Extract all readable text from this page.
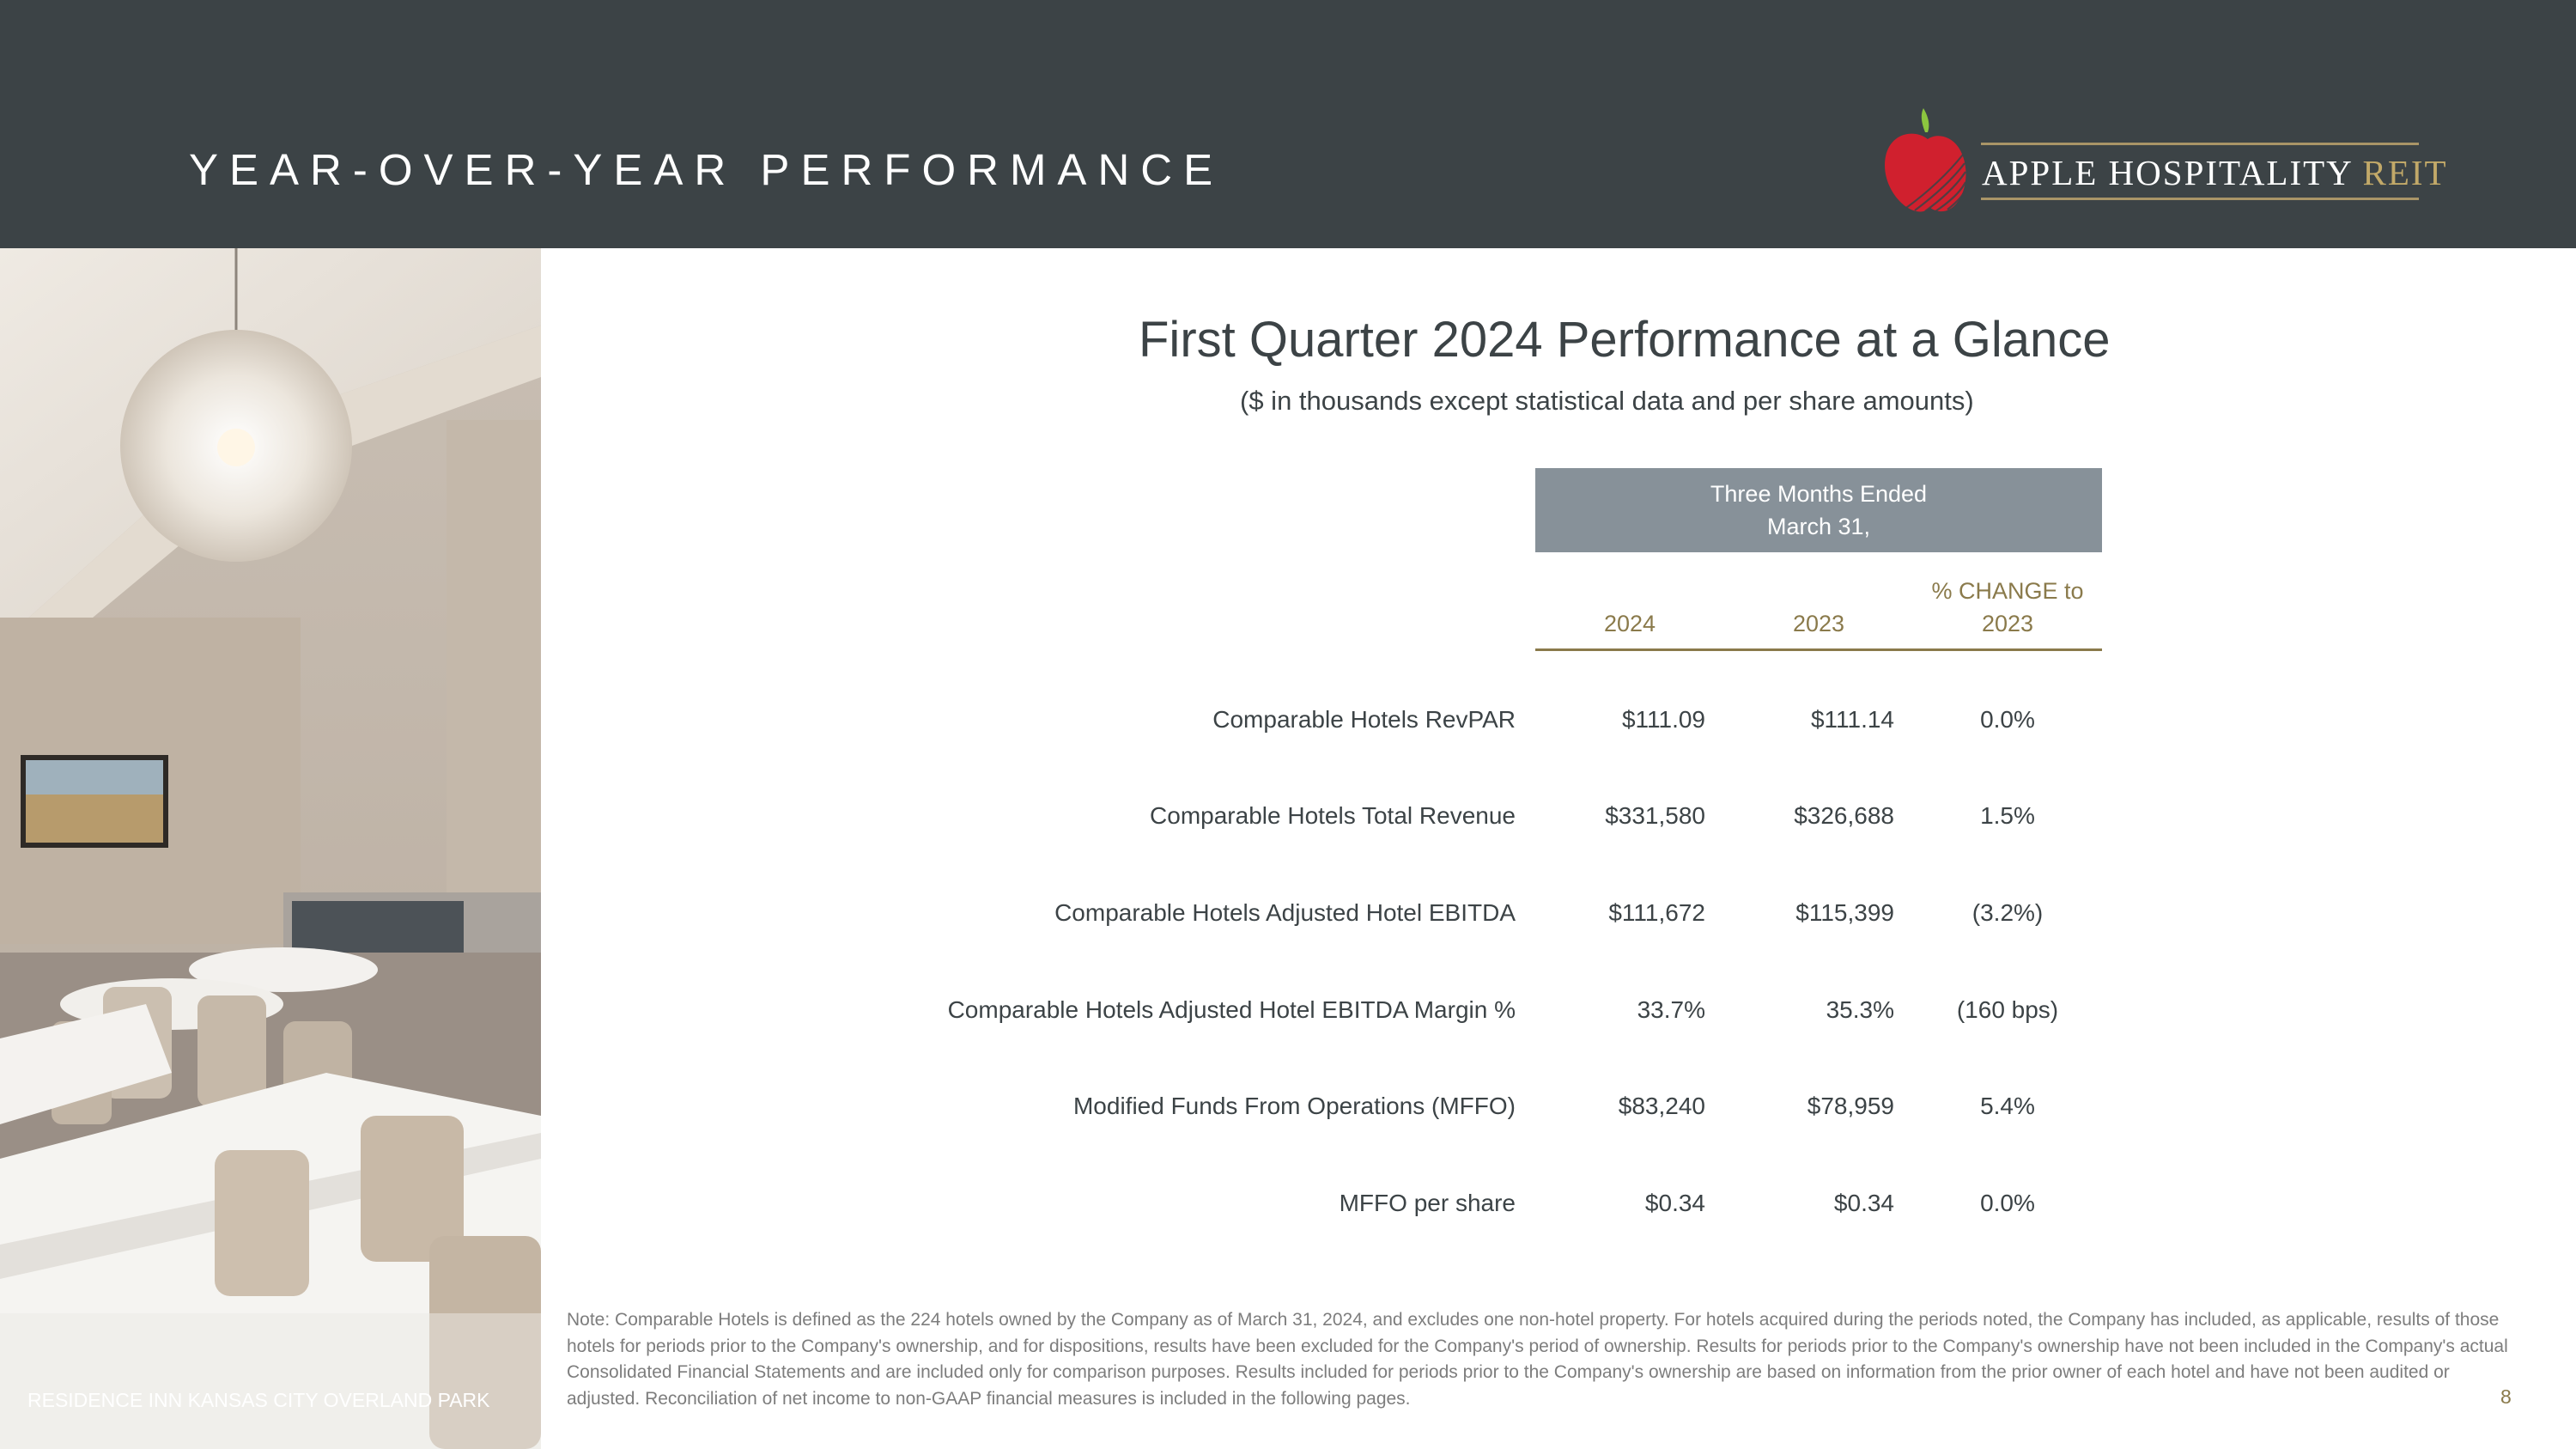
YEAR-OVER-YEAR PERFORMANCE	APPLE HOSPITALITY REIT
RESIDENCE INN KANSAS CITY OVERLAND PARK
First Quarter 2024 Performance at a Glance
($ in thousands except statistical data and per share amounts)
Three Months Ended
March 31,
2024	2023
% CHANGE to
2023
Comparable Hotels RevPAR	$111.09	$111.14	0.0%
Comparable Hotels Total Revenue	$331,580	$326,688	1.5%
Comparable Hotels Adjusted Hotel EBITDA	$111,672	$115,399	(3.2%)
Comparable Hotels Adjusted Hotel EBITDA Margin %	33.7%	35.3%	(160 bps)
Modified Funds From Operations (MFFO)	$83,240	$78,959	5.4%
MFFO per share	$0.34	$0.34	0.0%
Note: Comparable Hotels is defined as the 224 hotels owned by the Company as of March 31, 2024, and excludes one non-hotel property. For hotels acquired during the periods noted, the Company has included, as applicable, results of those hotels for periods prior to the Company's ownership, and for dispositions, results have been excluded for the Company's period of ownership. Results for periods prior to the Company's ownership have not been included in the Company's actual Consolidated Financial Statements and are included only for comparison purposes. Results included for periods prior to the Company's ownership are based on information from the prior owner of each hotel and have not been audited or adjusted. Reconciliation of net income to non-GAAP financial measures is included in the following pages.	8
